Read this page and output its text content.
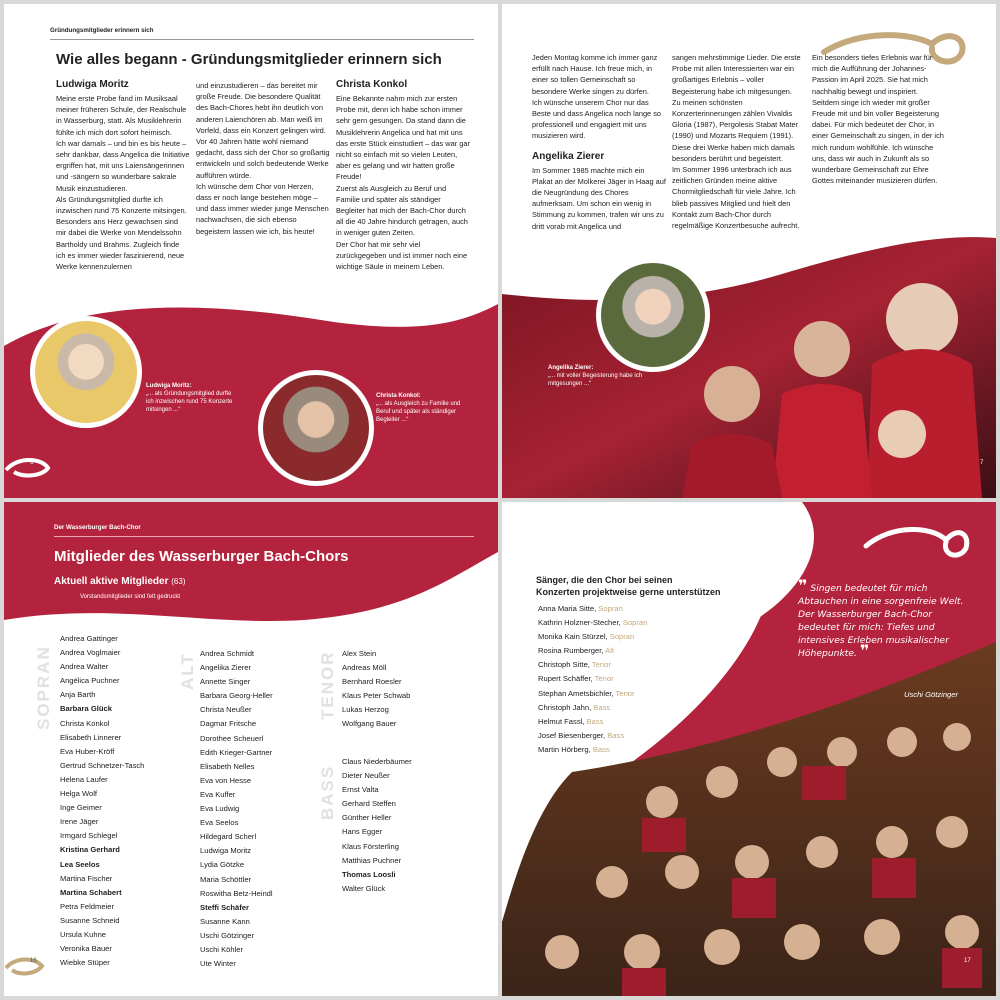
Gründungsmitglieder erinnern sich
Wie alles begann - Gründungsmitglieder erinnern sich
Ludwiga Moritz

Meine erste Probe fand im Musiksaal meiner früheren Schule, der Realschule in Wasserburg, statt. Als Musiklehrerin fühlte ich mich dort sofort heimisch.

Ich war damals – und bin es bis heute – sehr dankbar, dass Angelica die Initiative ergriffen hat, mit uns Laiensängerinnen und -sängern so wunderbare sakrale Musik einzustudieren.

Als Gründungsmitglied durfte ich inzwischen rund 75 Konzerte mitsingen. Besonders ans Herz gewachsen sind mir dabei die Werke von Mendelssohn Bartholdy und Brahms. Zugleich finde ich es immer wieder faszinierend, neue Werke kennenzulernen

und einzustudieren – das bereitet mir große Freude. Die besondere Qualität des Bach-Chores hebt ihn deutlich von anderen Laienchören ab. Man weiß im Vorfeld, dass ein Konzert gelingen wird.

Vor 40 Jahren hätte wohl niemand gedacht, dass sich der Chor so großartig entwickeln und solch bedeutende Werke aufführen würde.

Ich wünsche dem Chor von Herzen, dass er noch lange bestehen möge – und dass immer wieder junge Menschen nachwachsen, die sich ebenso begeistern lassen wie ich, bis heute!

Christa Konkol

Eine Bekannte nahm mich zur ersten Probe mit, denn ich habe schon immer sehr gern gesungen. Da stand dann die Musiklehrerin Angelica und hat mit uns das erste Stück einstudiert – das war gar nicht so einfach mit so vielen Leuten, aber es gelang und wir hatten große Freude!

Zuerst als Ausgleich zu Beruf und Familie und später als ständiger Begleiter hat mich der Bach-Chor durch all die 40 Jahre hindurch getragen, auch in weniger guten Zeiten.

Der Chor hat mir sehr viel zurückgegeben und ist immer noch eine wichtige Säule in meinem Leben.

Ludwiga Moritz:
„... als Gründungsmitglied durfte ich inzwischen rund 75 Konzerte mitsingen ...“
Christa Konkol:
„... als Ausgleich zu Familie und Beruf und später als ständiger Begleiter ...“
6

Jeden Montag komme ich immer ganz erfüllt nach Hause. Ich freue mich, in einer so tollen Gemeinschaft so besondere Werke singen zu dürfen.

Ich wünsche unserem Chor nur das Beste und dass Angelica noch lange so professionell und engagiert mit uns musizieren wird.

Angelika Zierer

Im Sommer 1985 machte mich ein Plakat an der Molkerei Jäger in Haag auf die Neugründung des Chores aufmerksam. Um schon ein wenig in Stimmung zu kommen, trafen wir uns zu dritt vorab mit Angelica und

sangen mehrstimmige Lieder. Die erste Probe mit allen Interessierten war ein großartiges Erlebnis – voller Begeisterung habe ich mitgesungen.

Zu meinen schönsten Konzerterinnerungen zählen Vivaldis Gloria (1987), Pergolesis Stabat Mater (1990) und Mozarts Requiem (1991). Diese drei Werke haben mich damals besonders berührt und begeistert.

Im Sommer 1996 unterbrach ich aus zeitlichen Gründen meine aktive Chormitgliedschaft für viele Jahre. Ich blieb passives Mitglied und hielt den Kontakt zum Bach-Chor durch regelmäßige Konzertbesuche aufrecht.

Ein besonders tiefes Erlebnis war für mich die Aufführung der Johannes-Passion im April 2025. Sie hat mich nachhaltig bewegt und inspiriert. Seitdem singe ich wieder mit großer Freude mit und bin voller Begeisterung dabei. Für mich bedeutet der Chor, in einer Gemeinschaft zu singen, in der ich mich rundum wohlfühle. Ich wünsche uns, dass wir auch in Zukunft als so wunderbare Gemeinschaft zur Ehre Gottes miteinander musizieren dürfen.

Angelika Zierer:
„... mit voller Begeisterung habe ich mitgesungen ...“
7
Der Wasserburger Bach-Chor
Mitglieder des Wasserburger Bach-Chors
Aktuell aktive Mitglieder (63)
Vorstandsmitglieder sind fett gedruckt
SOPRAN
Andrea Gattinger
Andrea Voglmaier
Andrea Walter
Angélica Puchner
Anja Barth
Barbara Glück
Christa Konkol
Elisabeth Linnerer
Eva Huber-Kröff
Gertrud Schnetzer-Tasch
Helena Laufer
Helga Wolf
Inge Geimer
Irene Jäger
Irmgard Schlegel
Kristina Gerhard
Lea Seelos
Martina Fischer
Martina Schabert
Petra Feldmeier
Susanne Schneid
Ursula Kuhne
Veronika Bauer
Wiebke Stüper
ALT Andrea Schmidt
Angelika Zierer
Annette Singer
Barbara Georg-Heller
Christa Neußer
Dagmar Fritsche
Dorothee Scheuerl
Edith Krieger-Gartner
Elisabeth Nelles
Eva von Hesse
Eva Kuffer
Eva Ludwig
Eva Seelos
Hildegard Scherl
Ludwiga Moritz
Lydia Götzke
Maria Schöttler
Roswitha Betz-Heindl
Steffi Schäfer
Susanne Kann
Uschi Götzinger
Uschi Köhler
Ute Winter
TENOR Alex Stein
Andreas Möll
Bernhard Roesler
Klaus Peter Schwab
Lukas Herzog
Wolfgang Bauer
BASS
Claus Niederbäumer
Dieter Neußer
Ernst Valta
Gerhard Steffen
Günther Heller
Hans Egger
Klaus Försterling
Matthias Puchner
Thomas Loosli
Walter Glück
16
Sänger, die den Chor bei seinen
Konzerten projektweise gerne unterstützen
Anna Maria Sitte, Sopran
Kathrin Holzner-Stecher, Sopran
Monika Kain Stürzel, Sopran
Rosina Rumberger, Alt
Christoph Sitte, Tenor
Rupert Schäffer, Tenor
Stephan Ametsbichler, Tenor
Christoph Jahn, Bass
Helmut Fassl, Bass
Josef Biesenberger, Bass
Martin Hörberg, Bass
❞ Singen bedeutet für mich Abtauchen in eine sorgenfreie Welt. Der Wasserburger Bach-Chor bedeutet für mich: Tiefes und intensives Erleben musikalischer Höhepunkte. ❞
Uschi Götzinger
17
